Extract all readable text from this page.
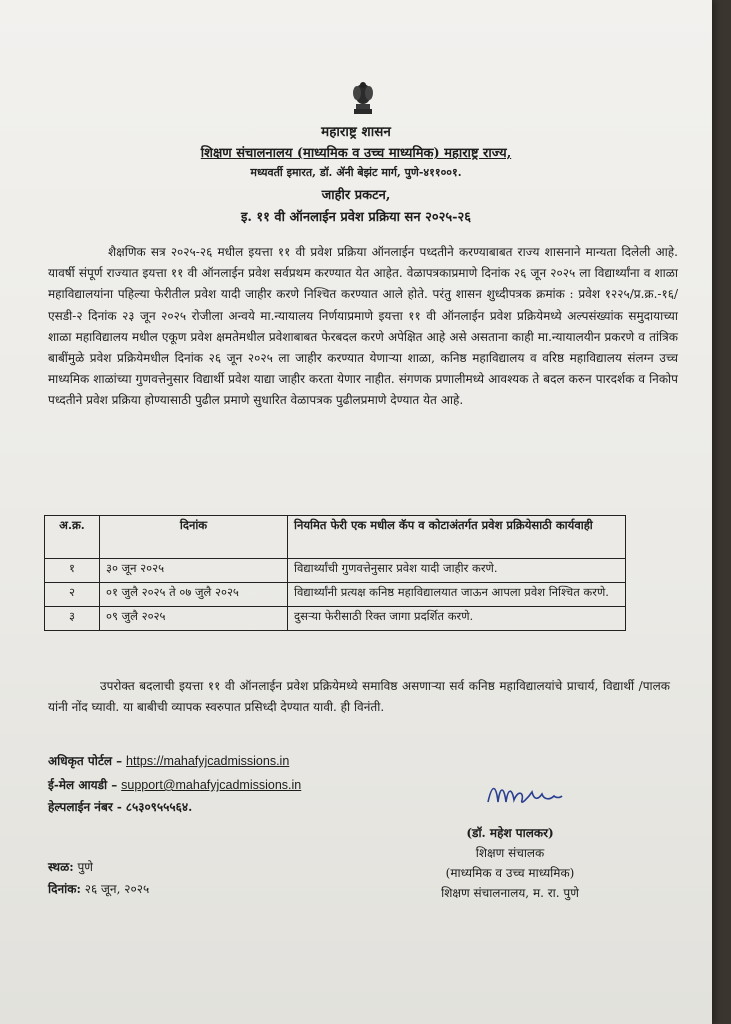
महाराष्ट्र शासन
शिक्षण संचालनालय (माध्यमिक व उच्च माध्यमिक) महाराष्ट्र राज्य,
मध्यवर्ती इमारत, डॉ. ॲनी बेझंट मार्ग, पुणे-४११००१.
जाहीर प्रकटन,
इ. ११ वी ऑनलाईन प्रवेश प्रक्रिया सन २०२५-२६
शैक्षणिक सत्र २०२५-२६ मधील इयत्ता ११ वी प्रवेश प्रक्रिया ऑनलाईन पध्दतीने करण्याबाबत राज्य शासनाने मान्यता दिलेली आहे. यावर्षी संपूर्ण राज्यात इयत्ता ११ वी ऑनलाईन प्रवेश सर्वप्रथम करण्यात येत आहेत. वेळापत्रकाप्रमाणे दिनांक २६ जून २०२५ ला विद्यार्थ्यांना व शाळा महाविद्यालयांना पहिल्या फेरीतील प्रवेश यादी जाहीर करणे निश्चित करण्यात आले होते. परंतु शासन शुध्दीपत्रक क्रमांक : प्रवेश १२२५/प्र.क्र.-१६/एसडी-२ दिनांक २३ जून २०२५ रोजीला अन्वये मा.न्यायालय निर्णयाप्रमाणे इयत्ता ११ वी ऑनलाईन प्रवेश प्रक्रियेमध्ये अल्पसंख्यांक समुदायाच्या शाळा महाविद्यालय मधील एकूण प्रवेश क्षमतेमधील प्रवेशाबाबत फेरबदल करणे अपेक्षित आहे असे असताना काही मा.न्यायालयीन प्रकरणे व तांत्रिक बाबींमुळे प्रवेश प्रक्रियेमधील दिनांक २६ जून २०२५ ला जाहीर करण्यात येणाऱ्या शाळा, कनिष्ठ महाविद्यालय व वरिष्ठ महाविद्यालय संलग्न उच्च माध्यमिक शाळांच्या गुणवत्तेनुसार विद्यार्थी प्रवेश याद्या जाहीर करता येणार नाहीत. संगणक प्रणालीमध्ये आवश्यक ते बदल करुन पारदर्शक व निकोप पध्दतीने प्रवेश प्रक्रिया होण्यासाठी पुढील प्रमाणे सुधारित वेळापत्रक पुढीलप्रमाणे देण्यात येत आहे.
अ.क्र.	दिनांक	नियमित फेरी एक मधील कॅप व कोटाअंतर्गत प्रवेश प्रक्रियेसाठी कार्यवाही
१	३० जून २०२५	विद्यार्थ्यांची गुणवत्तेनुसार प्रवेश यादी जाहीर करणे.
२	०१ जुलै २०२५ ते ०७ जुलै २०२५	विद्यार्थ्यांनी प्रत्यक्ष कनिष्ठ महाविद्यालयात जाऊन आपला प्रवेश निश्चित करणे.
३	०९ जुलै २०२५	दुसऱ्या फेरीसाठी रिक्त जागा प्रदर्शित करणे.
उपरोक्त बदलाची इयत्ता ११ वी ऑनलाईन प्रवेश प्रक्रियेमध्ये समाविष्ठ असणाऱ्या सर्व कनिष्ठ महाविद्यालयांचे प्राचार्य, विद्यार्थी /पालक यांनी नोंद घ्यावी. या बाबीची व्यापक स्वरुपात प्रसिध्दी देण्यात यावी. ही विनंती.
अधिकृत पोर्टल – https://mahafyjcadmissions.in
ई-मेल आयडी – support@mahafyjcadmissions.in
हेल्पलाईन नंबर - ८५३०९५५५६४.
(डॉ. महेश पालकर)
शिक्षण संचालक
(माध्यमिक व उच्च माध्यमिक)
शिक्षण संचालनालय, म. रा. पुणे
स्थळ: पुणे
दिनांक: २६ जून, २०२५
